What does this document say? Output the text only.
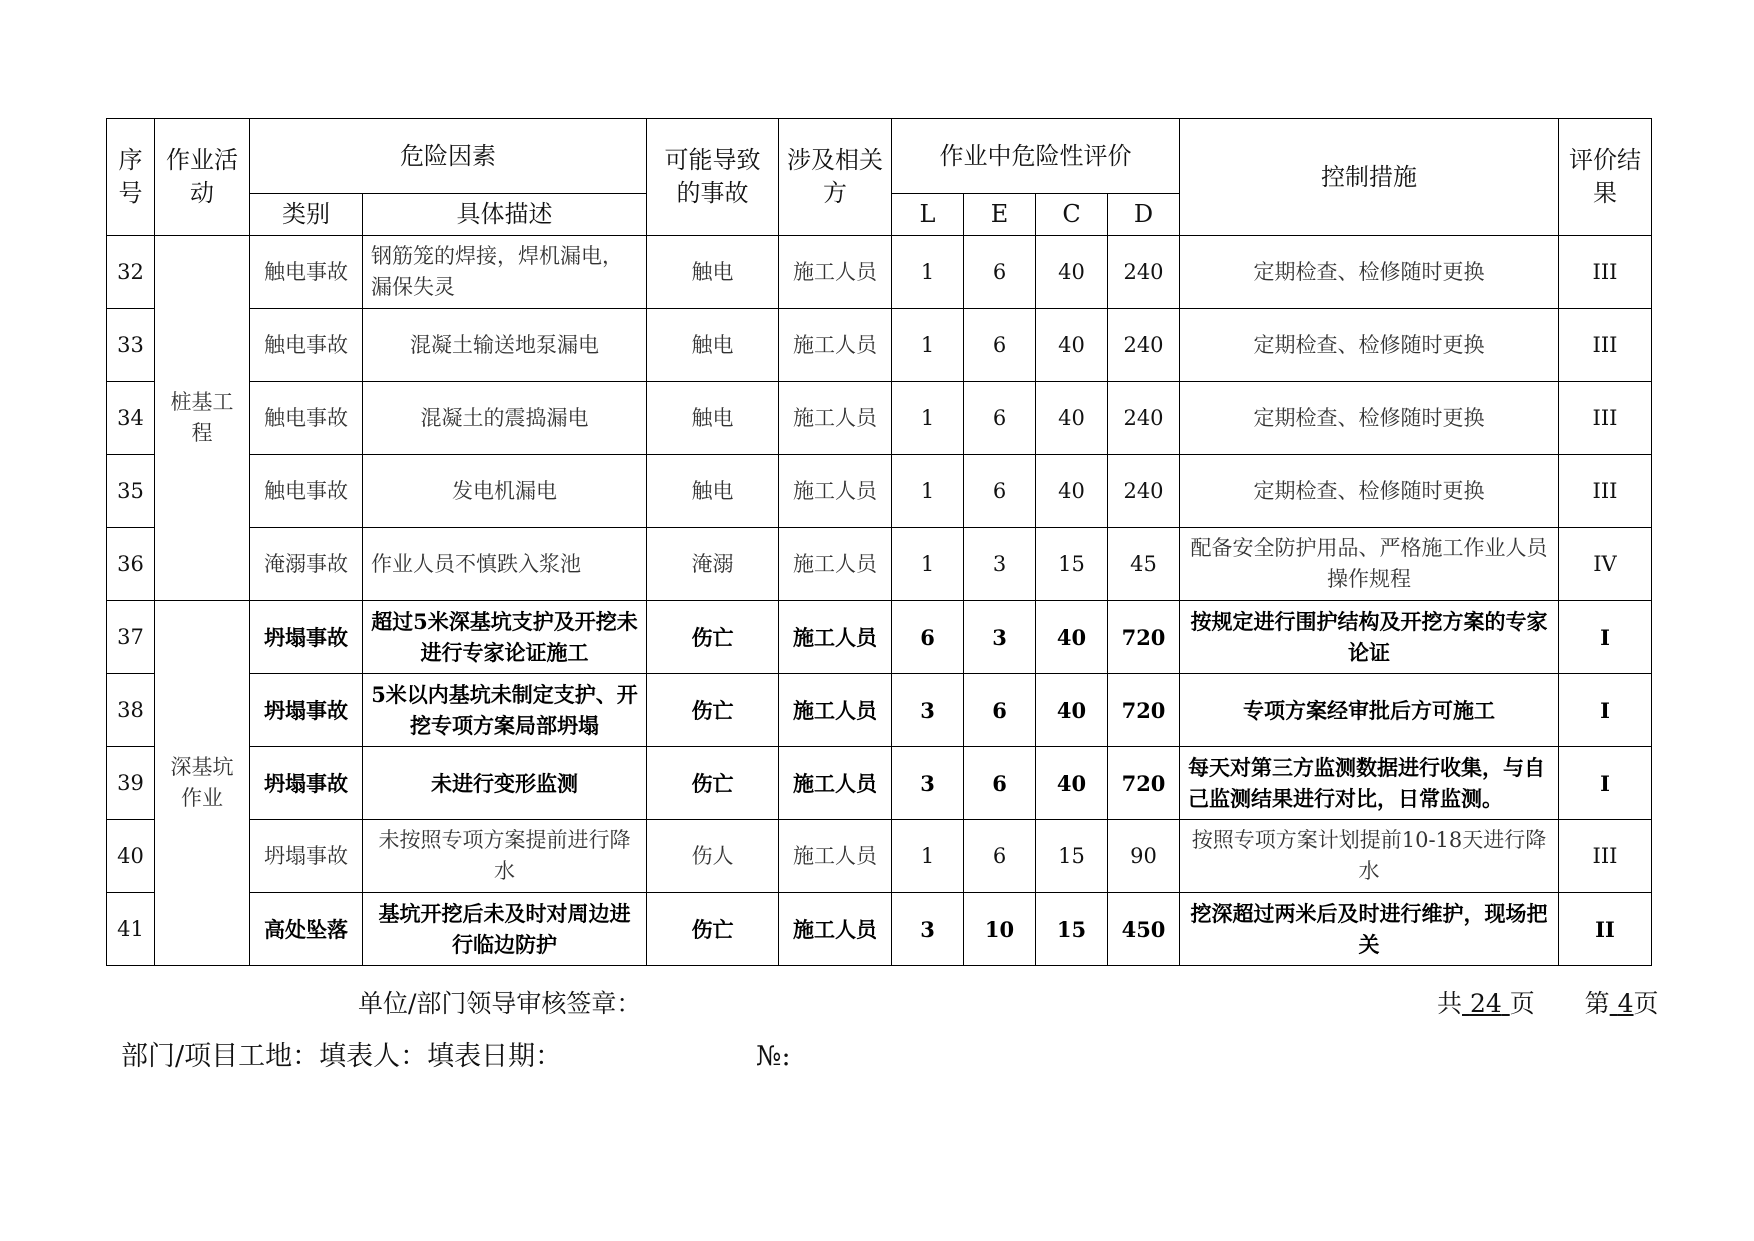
序号	作业活动	危险因素		可能导致的事故	涉及相关方	作业中危险性评价				控制措施	评价结果
		类别	具体描述			L	E	C	D		
32	桩基工程	触电事故	钢筋笼的焊接，焊机漏电，漏保失灵	触电	施工人员	1	6	40	240	定期检查、检修随时更换	III
33		触电事故	混凝土输送地泵漏电	触电	施工人员	1	6	40	240	定期检查、检修随时更换	III
34		触电事故	混凝土的震捣漏电	触电	施工人员	1	6	40	240	定期检查、检修随时更换	III
35		触电事故	发电机漏电	触电	施工人员	1	6	40	240	定期检查、检修随时更换	III
36		淹溺事故	作业人员不慎跌入浆池	淹溺	施工人员	1	3	15	45	配备安全防护用品、严格施工作业人员操作规程	IV
37	深基坑作业	坍塌事故	超过5米深基坑支护及开挖未进行专家论证施工	伤亡	施工人员	6	3	40	720	按规定进行围护结构及开挖方案的专家论证	I
38		坍塌事故	5米以内基坑未制定支护、开挖专项方案局部坍塌	伤亡	施工人员	3	6	40	720	专项方案经审批后方可施工	I
39		坍塌事故	未进行变形监测	伤亡	施工人员	3	6	40	720	每天对第三方监测数据进行收集，与自己监测结果进行对比，日常监测。	I
40		坍塌事故	未按照专项方案提前进行降水	伤人	施工人员	1	6	15	90	按照专项方案计划提前10-18天进行降水	III
41		高处坠落	基坑开挖后未及时对周边进行临边防护	伤亡	施工人员	3	10	15	450	挖深超过两米后及时进行维护，现场把关	II
单位/部门领导审核签章：	共 24 页 第 4页
部门/项目工地：填表人：填表日期：	№:
